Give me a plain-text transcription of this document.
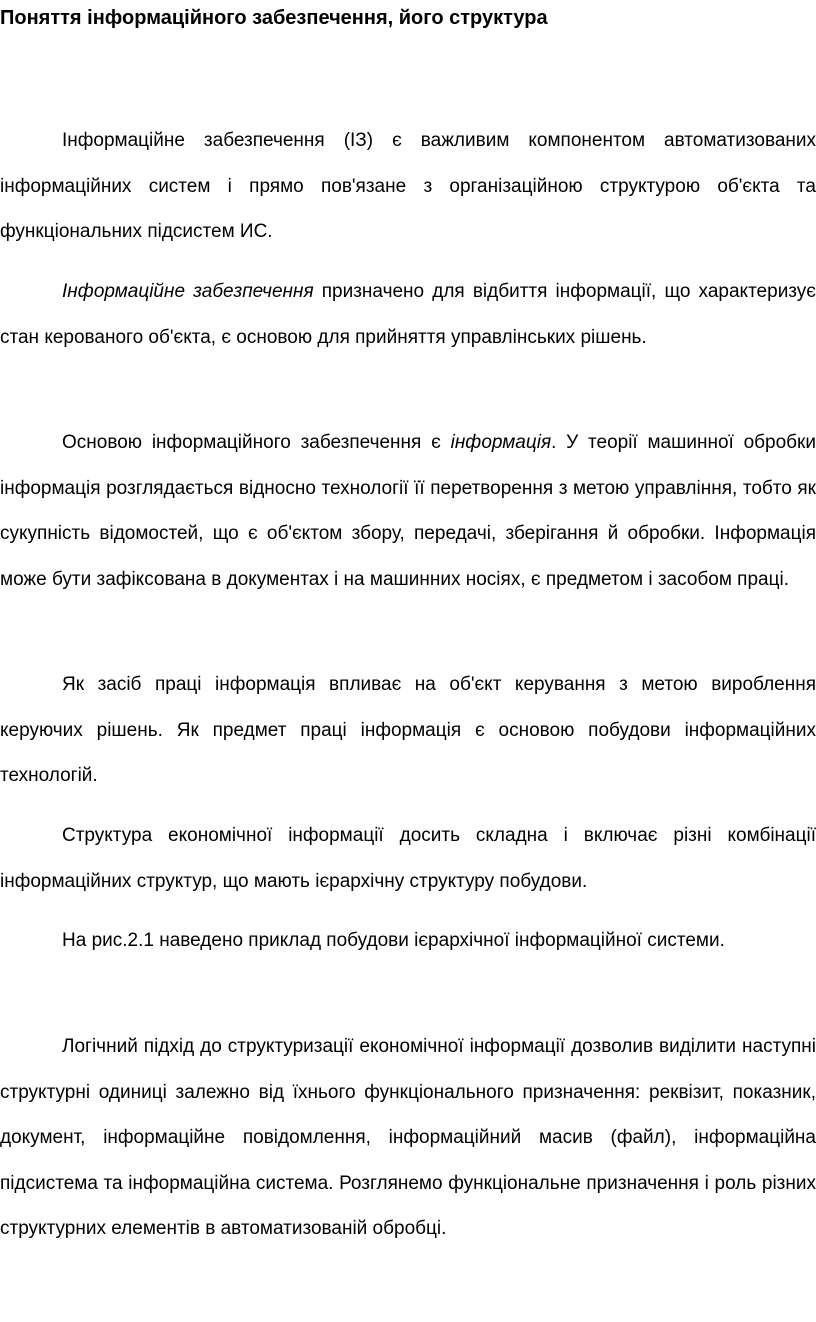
Поняття інформаційного забезпечення, його структура

Інформаційне забезпечення (ІЗ) є важливим компонентом автоматизованих інформаційних систем і прямо пов'язане з організаційною структурою об'єкта та функціональних підсистем ИС.

Інформаційне забезпечення призначено для відбиття інформації, що характеризує стан керованого об'єкта, є основою для прийняття управлінських рішень.

Основою інформаційного забезпечення є інформація. У теорії машинної обробки інформація розглядається відносно технології її перетворення з метою управління, тобто як сукупність відомостей, що є об'єктом збору, передачі, зберігання й обробки. Інформація може бути зафіксована в документах і на машинних носіях, є предметом і засобом праці.

Як засіб праці інформація впливає на об'єкт керування з метою вироблення керуючих рішень. Як предмет праці інформація є основою побудови інформаційних технологій.

Структура економічної інформації досить складна і включає різні комбінації інформаційних структур, що мають ієрархічну структуру побудови.

На рис.2.1 наведено приклад побудови ієрархічної інформаційної системи.

Логічний підхід до структуризації економічної інформації дозволив виділити наступні структурні одиниці залежно від їхнього функціонального призначення: реквізит, показник, документ, інформаційне повідомлення, інформаційний масив (файл), інформаційна підсистема та інформаційна система. Розглянемо функціональне призначення і роль різних структурних елементів в автоматизованій обробці.
